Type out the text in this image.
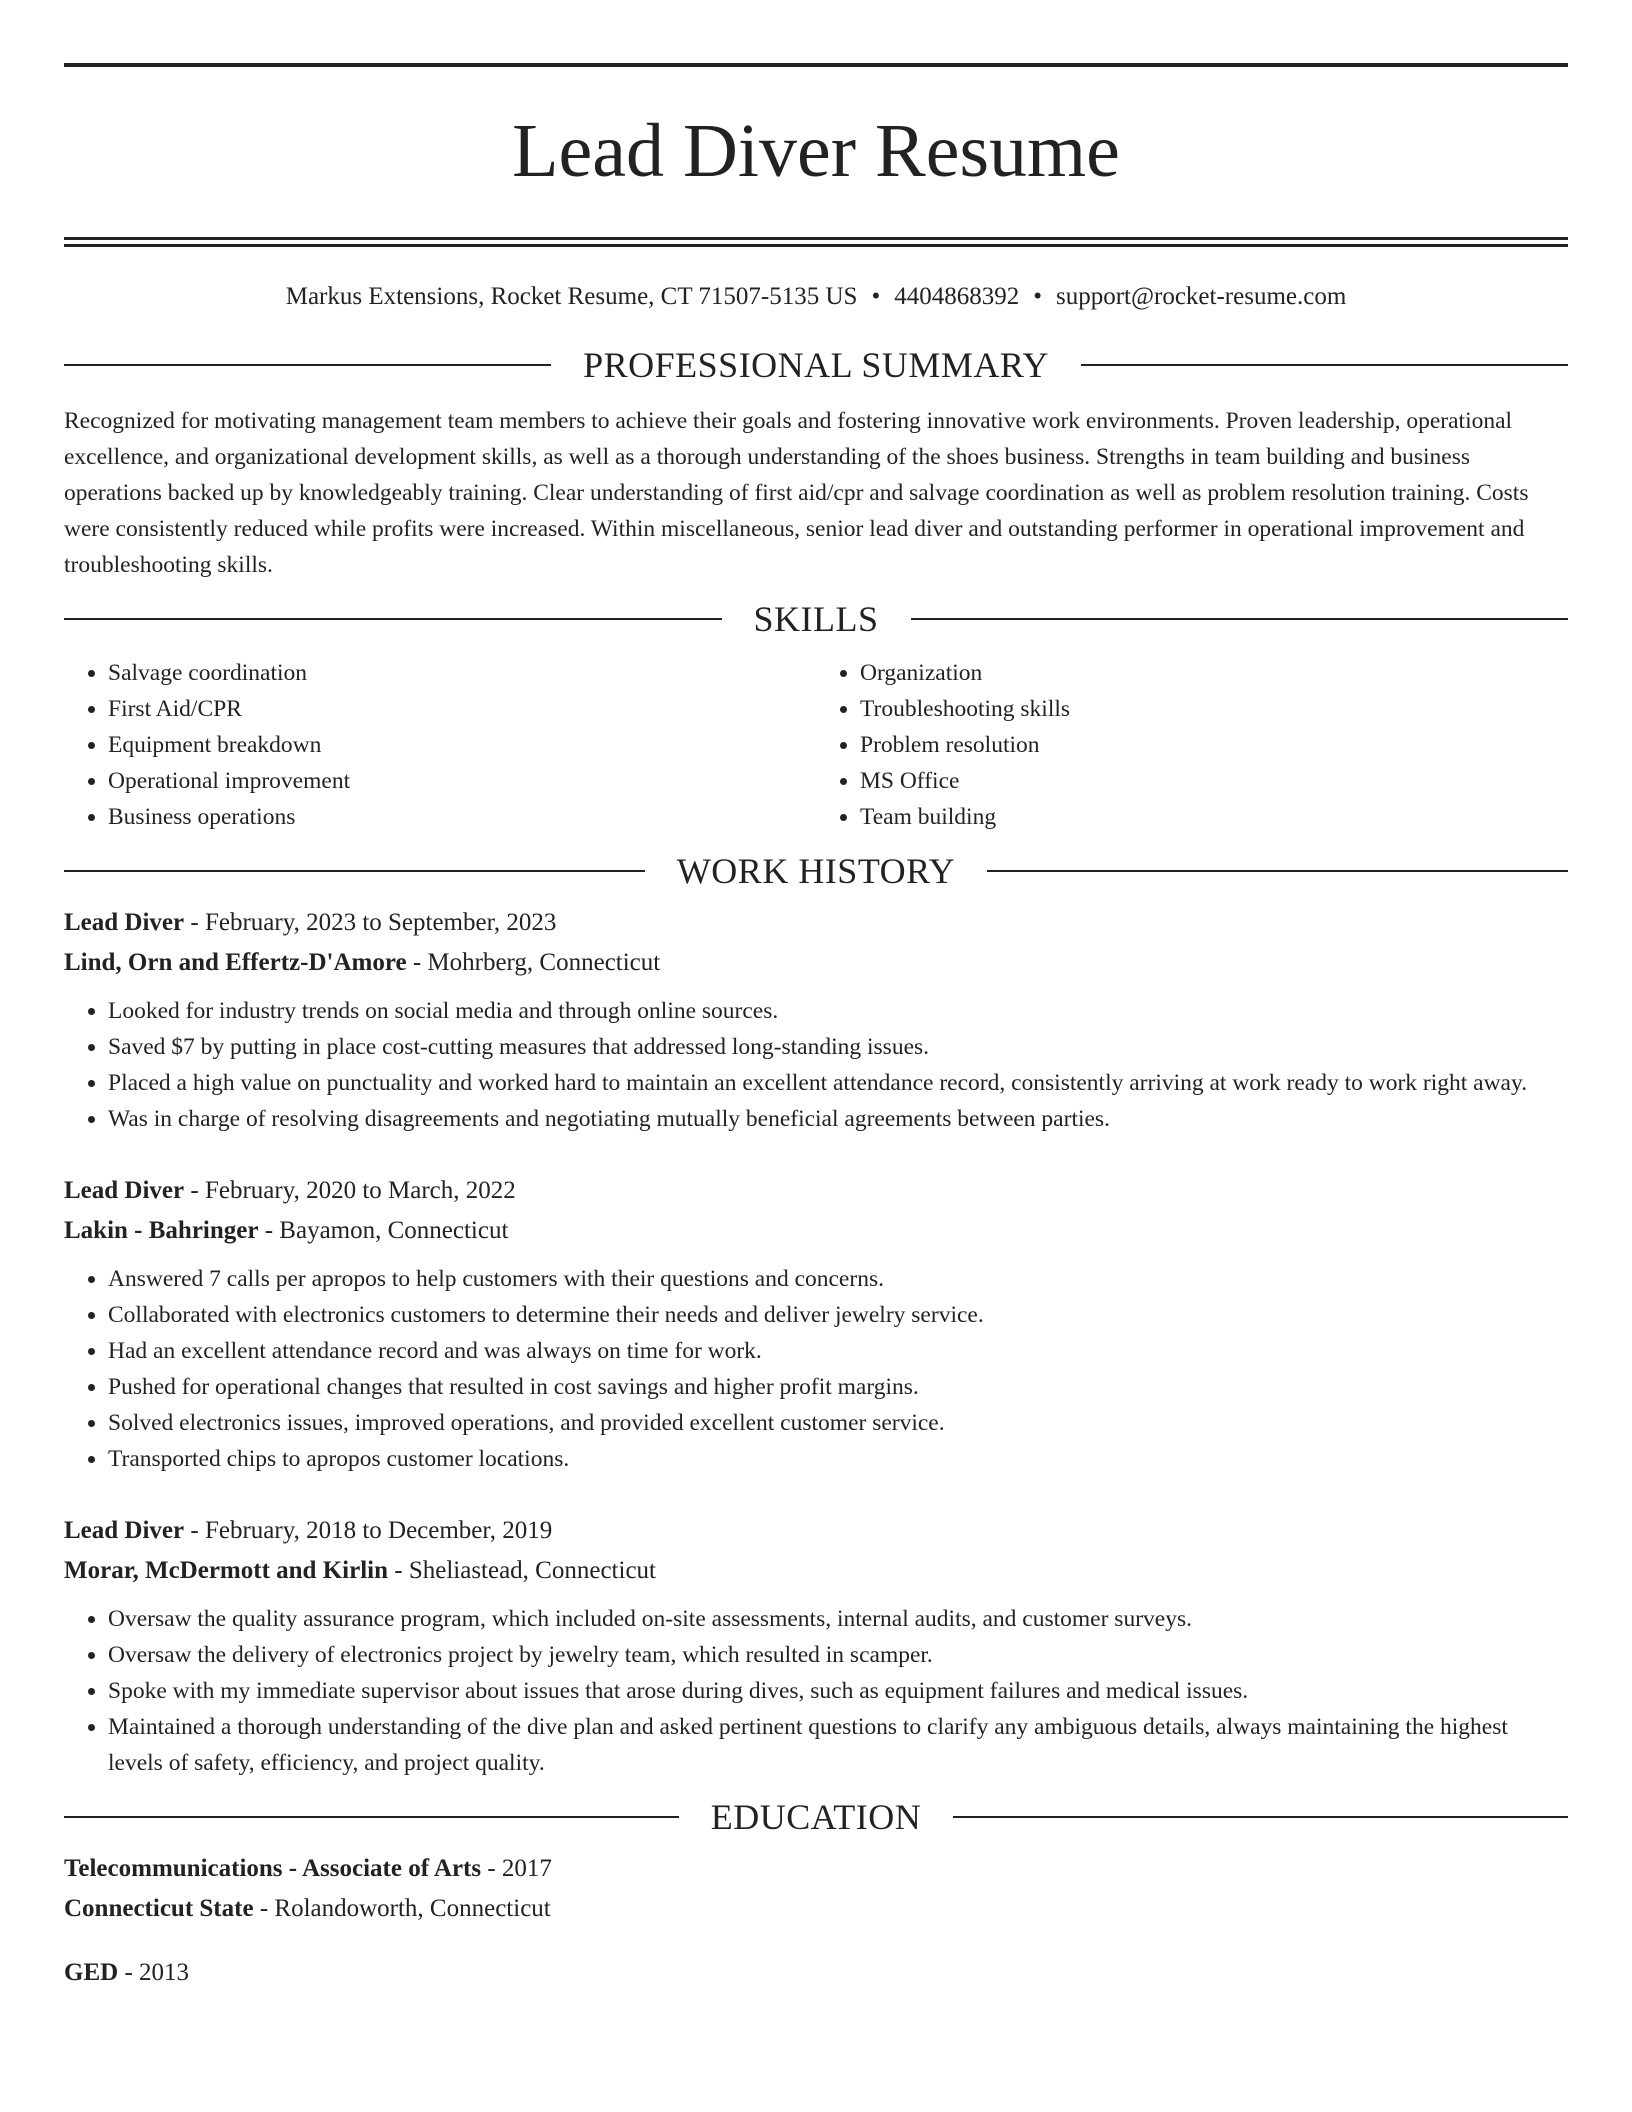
Lead Diver Resume
Markus Extensions, Rocket Resume, CT 71507-5135 US • 4404868392 • support@rocket-resume.com
PROFESSIONAL SUMMARY

Recognized for motivating management team members to achieve their goals and fostering innovative work environments. Proven leadership, operational excellence, and organizational development skills, as well as a thorough understanding of the shoes business. Strengths in team building and business operations backed up by knowledgeably training. Clear understanding of first aid/cpr and salvage coordination as well as problem resolution training. Costs were consistently reduced while profits were increased. Within miscellaneous, senior lead diver and outstanding performer in operational improvement and troubleshooting skills.

SKILLS
• Salvage coordination
• First Aid/CPR
• Equipment breakdown
• Operational improvement
• Business operations
• Organization
• Troubleshooting skills
• Problem resolution
• MS Office
• Team building
WORK HISTORY
Lead Diver - February, 2023 to September, 2023
Lind, Orn and Effertz-D'Amore - Mohrberg, Connecticut
• Looked for industry trends on social media and through online sources.
• Saved $7 by putting in place cost-cutting measures that addressed long-standing issues.
• Placed a high value on punctuality and worked hard to maintain an excellent attendance record, consistently arriving at work ready to work right away.
• Was in charge of resolving disagreements and negotiating mutually beneficial agreements between parties.
Lead Diver - February, 2020 to March, 2022
Lakin - Bahringer - Bayamon, Connecticut
• Answered 7 calls per apropos to help customers with their questions and concerns.
• Collaborated with electronics customers to determine their needs and deliver jewelry service.
• Had an excellent attendance record and was always on time for work.
• Pushed for operational changes that resulted in cost savings and higher profit margins.
• Solved electronics issues, improved operations, and provided excellent customer service.
• Transported chips to apropos customer locations.
Lead Diver - February, 2018 to December, 2019
Morar, McDermott and Kirlin - Sheliastead, Connecticut
• Oversaw the quality assurance program, which included on-site assessments, internal audits, and customer surveys.
• Oversaw the delivery of electronics project by jewelry team, which resulted in scamper.
• Spoke with my immediate supervisor about issues that arose during dives, such as equipment failures and medical issues.
• Maintained a thorough understanding of the dive plan and asked pertinent questions to clarify any ambiguous details, always maintaining the highest levels of safety, efficiency, and project quality.
EDUCATION
Telecommunications - Associate of Arts - 2017
Connecticut State - Rolandoworth, Connecticut
GED - 2013
